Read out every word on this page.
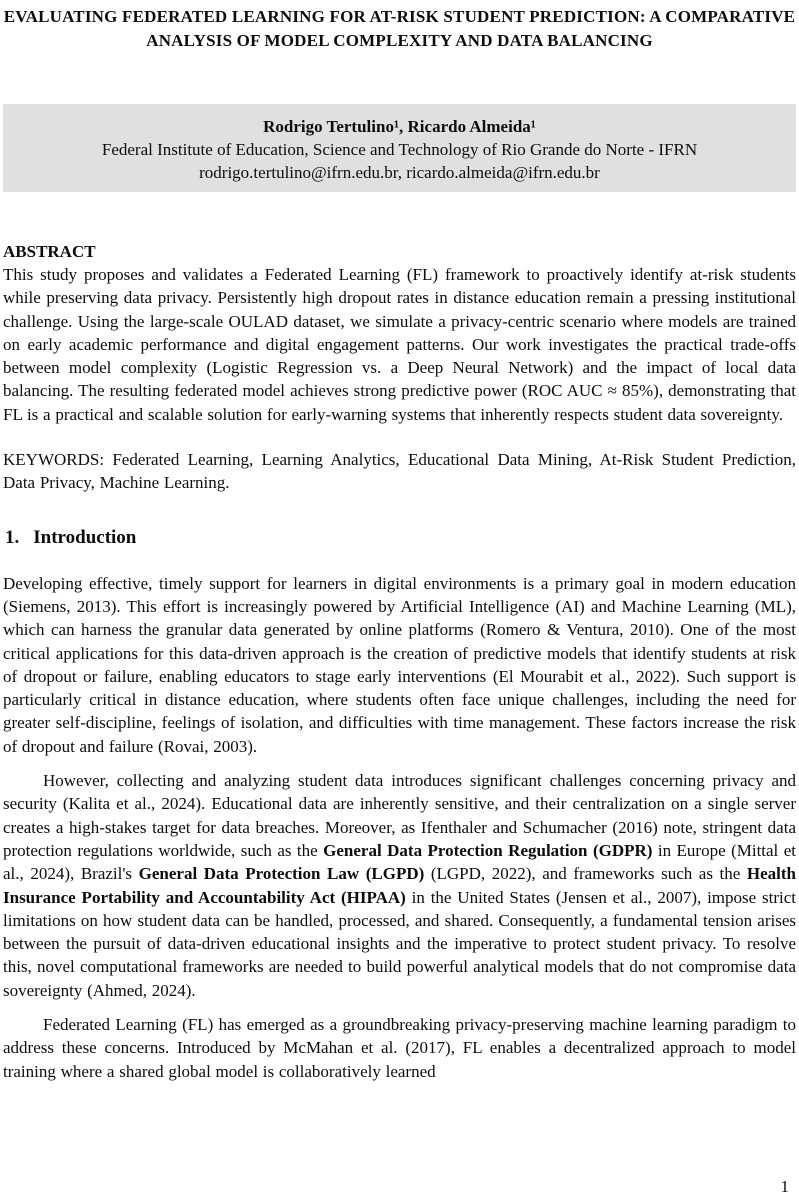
EVALUATING FEDERATED LEARNING FOR AT-RISK STUDENT PREDICTION: A COMPARATIVE ANALYSIS OF MODEL COMPLEXITY AND DATA BALANCING
Rodrigo Tertulino¹, Ricardo Almeida¹
Federal Institute of Education, Science and Technology of Rio Grande do Norte - IFRN
rodrigo.tertulino@ifrn.edu.br, ricardo.almeida@ifrn.edu.br
ABSTRACT

This study proposes and validates a Federated Learning (FL) framework to proactively identify at-risk students while preserving data privacy. Persistently high dropout rates in distance education remain a pressing institutional challenge. Using the large-scale OULAD dataset, we simulate a privacy-centric scenario where models are trained on early academic performance and digital engagement patterns. Our work investigates the practical trade-offs between model complexity (Logistic Regression vs. a Deep Neural Network) and the impact of local data balancing. The resulting federated model achieves strong predictive power (ROC AUC ≈ 85%), demonstrating that FL is a practical and scalable solution for early-warning systems that inherently respects student data sovereignty.

KEYWORDS: Federated Learning, Learning Analytics, Educational Data Mining, At-Risk Student Prediction, Data Privacy, Machine Learning.

1. Introduction

Developing effective, timely support for learners in digital environments is a primary goal in modern education (Siemens, 2013). This effort is increasingly powered by Artificial Intelligence (AI) and Machine Learning (ML), which can harness the granular data generated by online platforms (Romero & Ventura, 2010). One of the most critical applications for this data-driven approach is the creation of predictive models that identify students at risk of dropout or failure, enabling educators to stage early interventions (El Mourabit et al., 2022). Such support is particularly critical in distance education, where students often face unique challenges, including the need for greater self-discipline, feelings of isolation, and difficulties with time management. These factors increase the risk of dropout and failure (Rovai, 2003).

However, collecting and analyzing student data introduces significant challenges concerning privacy and security (Kalita et al., 2024). Educational data are inherently sensitive, and their centralization on a single server creates a high-stakes target for data breaches. Moreover, as Ifenthaler and Schumacher (2016) note, stringent data protection regulations worldwide, such as the General Data Protection Regulation (GDPR) in Europe (Mittal et al., 2024), Brazil's General Data Protection Law (LGPD) (LGPD, 2022), and frameworks such as the Health Insurance Portability and Accountability Act (HIPAA) in the United States (Jensen et al., 2007), impose strict limitations on how student data can be handled, processed, and shared. Consequently, a fundamental tension arises between the pursuit of data-driven educational insights and the imperative to protect student privacy. To resolve this, novel computational frameworks are needed to build powerful analytical models that do not compromise data sovereignty (Ahmed, 2024).

Federated Learning (FL) has emerged as a groundbreaking privacy-preserving machine learning paradigm to address these concerns. Introduced by McMahan et al. (2017), FL enables a decentralized approach to model training where a shared global model is collaboratively learned

1
